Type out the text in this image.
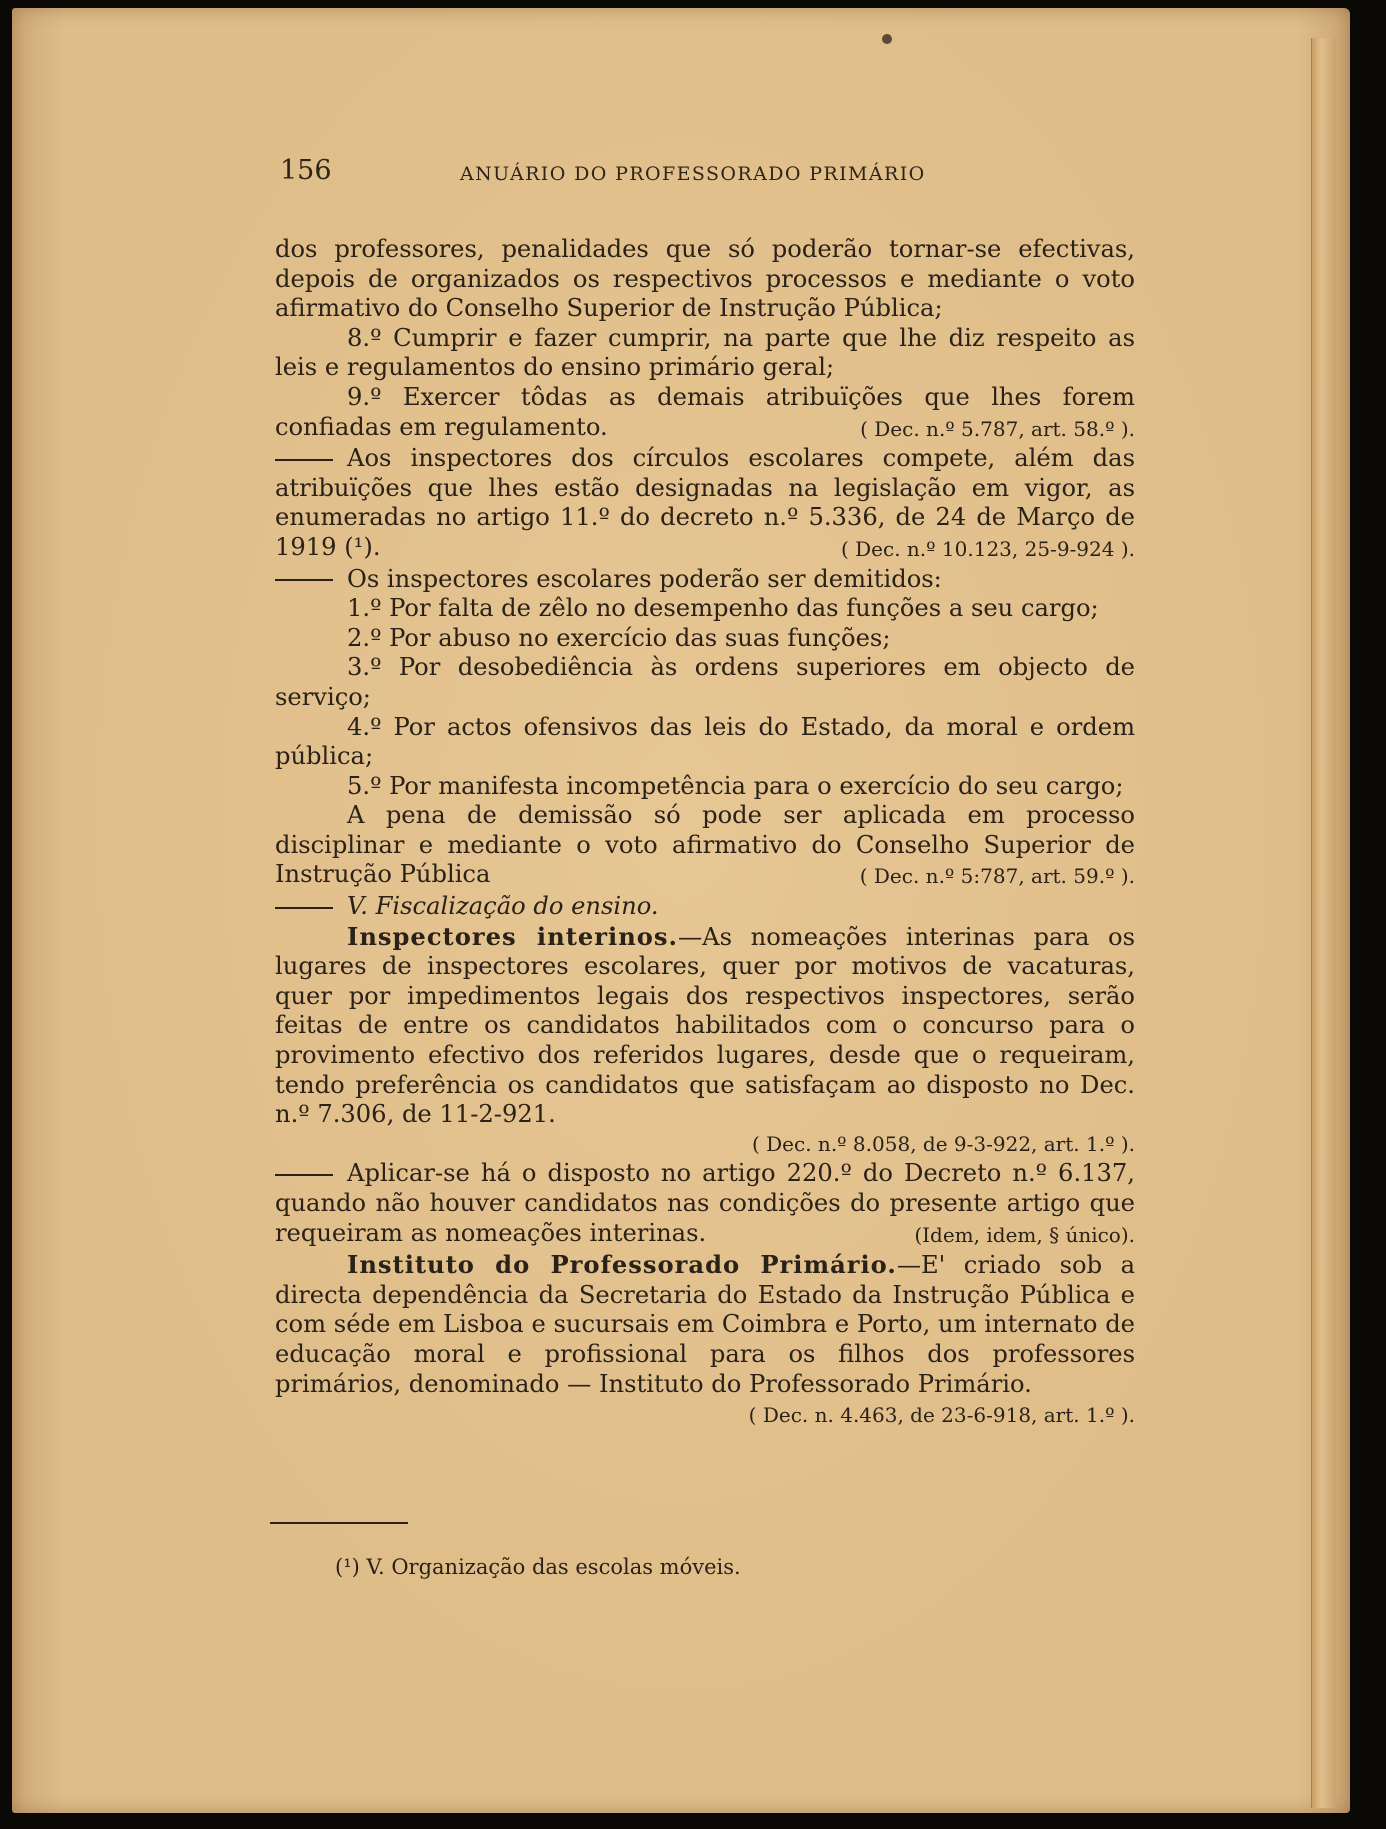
156	ANUÁRIO DO PROFESSORADO PRIMÁRIO

dos professores, penalidades que só poderão tornar-se efectivas, depois de organizados os respectivos processos e mediante o voto afirmativo do Conselho Superior de Instrução Pública;

8.º Cumprir e fazer cumprir, na parte que lhe diz respeito as leis e regulamentos do ensino primário geral;

9.º Exercer tôdas as demais atribuïções que lhes forem confiadas em regulamento.	( Dec. n.º 5.787, art. 58.º ).

Aos inspectores dos círculos escolares compete, além das atribuïções que lhes estão designadas na legislação em vigor, as enumeradas no artigo 11.º do decreto n.º 5.336, de 24 de Março de 1919 (¹).	( Dec. n.º 10.123, 25-9-924 ).

Os inspectores escolares poderão ser demitidos:

1.º Por falta de zêlo no desempenho das funções a seu cargo;

2.º Por abuso no exercício das suas funções;

3.º Por desobediência às ordens superiores em objecto de serviço;

4.º Por actos ofensivos das leis do Estado, da moral e ordem pública;

5.º Por manifesta incompetência para o exercício do seu cargo;

A pena de demissão só pode ser aplicada em processo disciplinar e mediante o voto afirmativo do Conselho Superior de Instrução Pública	( Dec. n.º 5:787, art. 59.º ).

V. Fiscalização do ensino.

Inspectores interinos.—As nomeações interinas para os lugares de inspectores escolares, quer por motivos de vacaturas, quer por impedimentos legais dos respectivos inspectores, serão feitas de entre os candidatos habilitados com o concurso para o provimento efectivo dos referidos lugares, desde que o requeiram, tendo preferência os candidatos que satisfaçam ao disposto no Dec. n.º 7.306, de 11-2-921.
( Dec. n.º 8.058, de 9-3-922, art. 1.º ).

Aplicar-se há o disposto no artigo 220.º do Decreto n.º 6.137, quando não houver candidatos nas condições do presente artigo que requeiram as nomeações interinas.	(Idem, idem, § único).

Instituto do Professorado Primário.—E' criado sob a directa dependência da Secretaria do Estado da Instrução Pública e com séde em Lisboa e sucursais em Coimbra e Porto, um internato de educação moral e profissional para os filhos dos professores primários, denominado — Instituto do Professorado Primário.
( Dec. n. 4.463, de 23-6-918, art. 1.º ).

(¹) V. Organização das escolas móveis.
